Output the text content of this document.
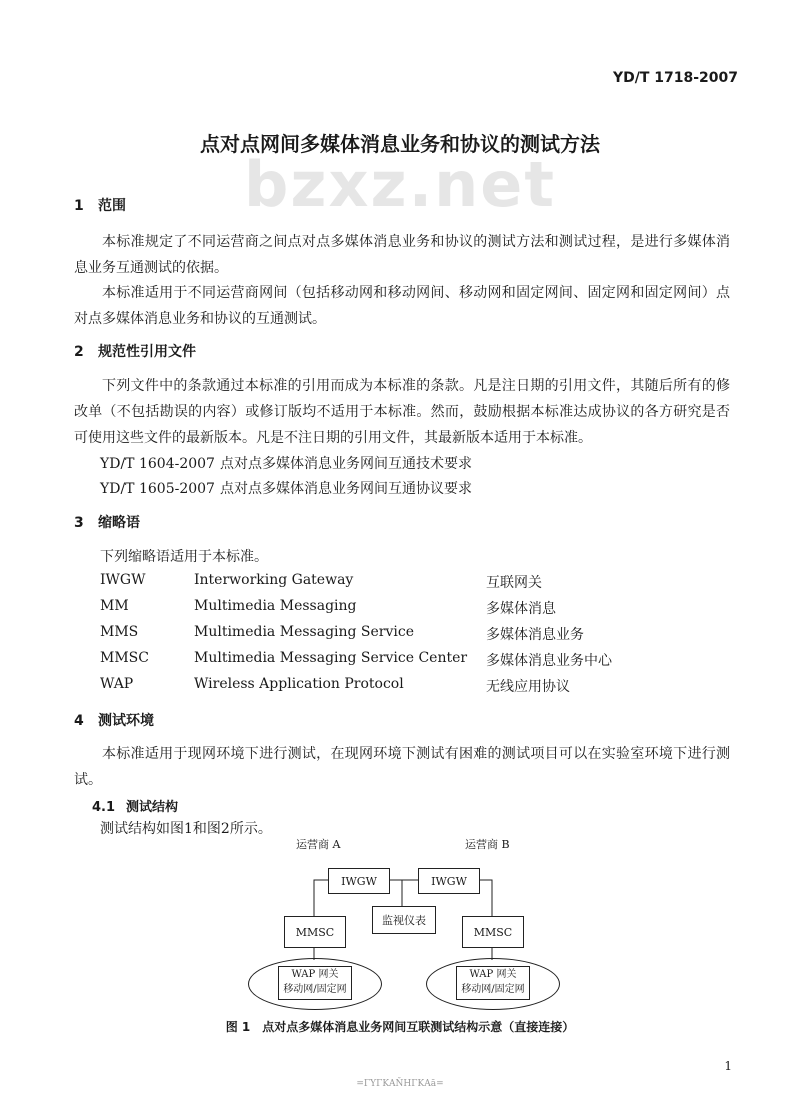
YD/T 1718-2007
bzxz.net
点对点网间多媒体消息业务和协议的测试方法
1 范围
本标准规定了不同运营商之间点对点多媒体消息业务和协议的测试方法和测试过程，是进行多媒体消息业务互通测试的依据。
本标准适用于不同运营商网间（包括移动网和移动网间、移动网和固定网间、固定网和固定网间）点对点多媒体消息业务和协议的互通测试。
2 规范性引用文件
下列文件中的条款通过本标准的引用而成为本标准的条款。凡是注日期的引用文件，其随后所有的修改单（不包括勘误的内容）或修订版均不适用于本标准。然而，鼓励根据本标准达成协议的各方研究是否可使用这些文件的最新版本。凡是不注日期的引用文件，其最新版本适用于本标准。
YD/T 1604-2007 点对点多媒体消息业务网间互通技术要求
YD/T 1605-2007 点对点多媒体消息业务网间互通协议要求
3 缩略语
下列缩略语适用于本标准。
IWGW	Interworking Gateway	互联网关
MM	Multimedia Messaging	多媒体消息
MMS	Multimedia Messaging Service	多媒体消息业务
MMSC	Multimedia Messaging Service Center 多媒体消息业务中心
WAP	Wireless Application Protocol	无线应用协议
4 测试环境
本标准适用于现网环境下进行测试，在现网环境下测试有困难的测试项目可以在实验室环境下进行测试。
4.1 测试结构
测试结构如图1和图2所示。
运营商 A	运营商 B
IWGW	IWGW
监视仪表
MMSC	MMSC
WAP 网关
移动网/固定网
WAP 网关
移动网/固定网
图 1　点对点多媒体消息业务网间互联测试结构示意（直接连接）
1
=ΓΥΓΚΑŇΗΓΚΑā=
